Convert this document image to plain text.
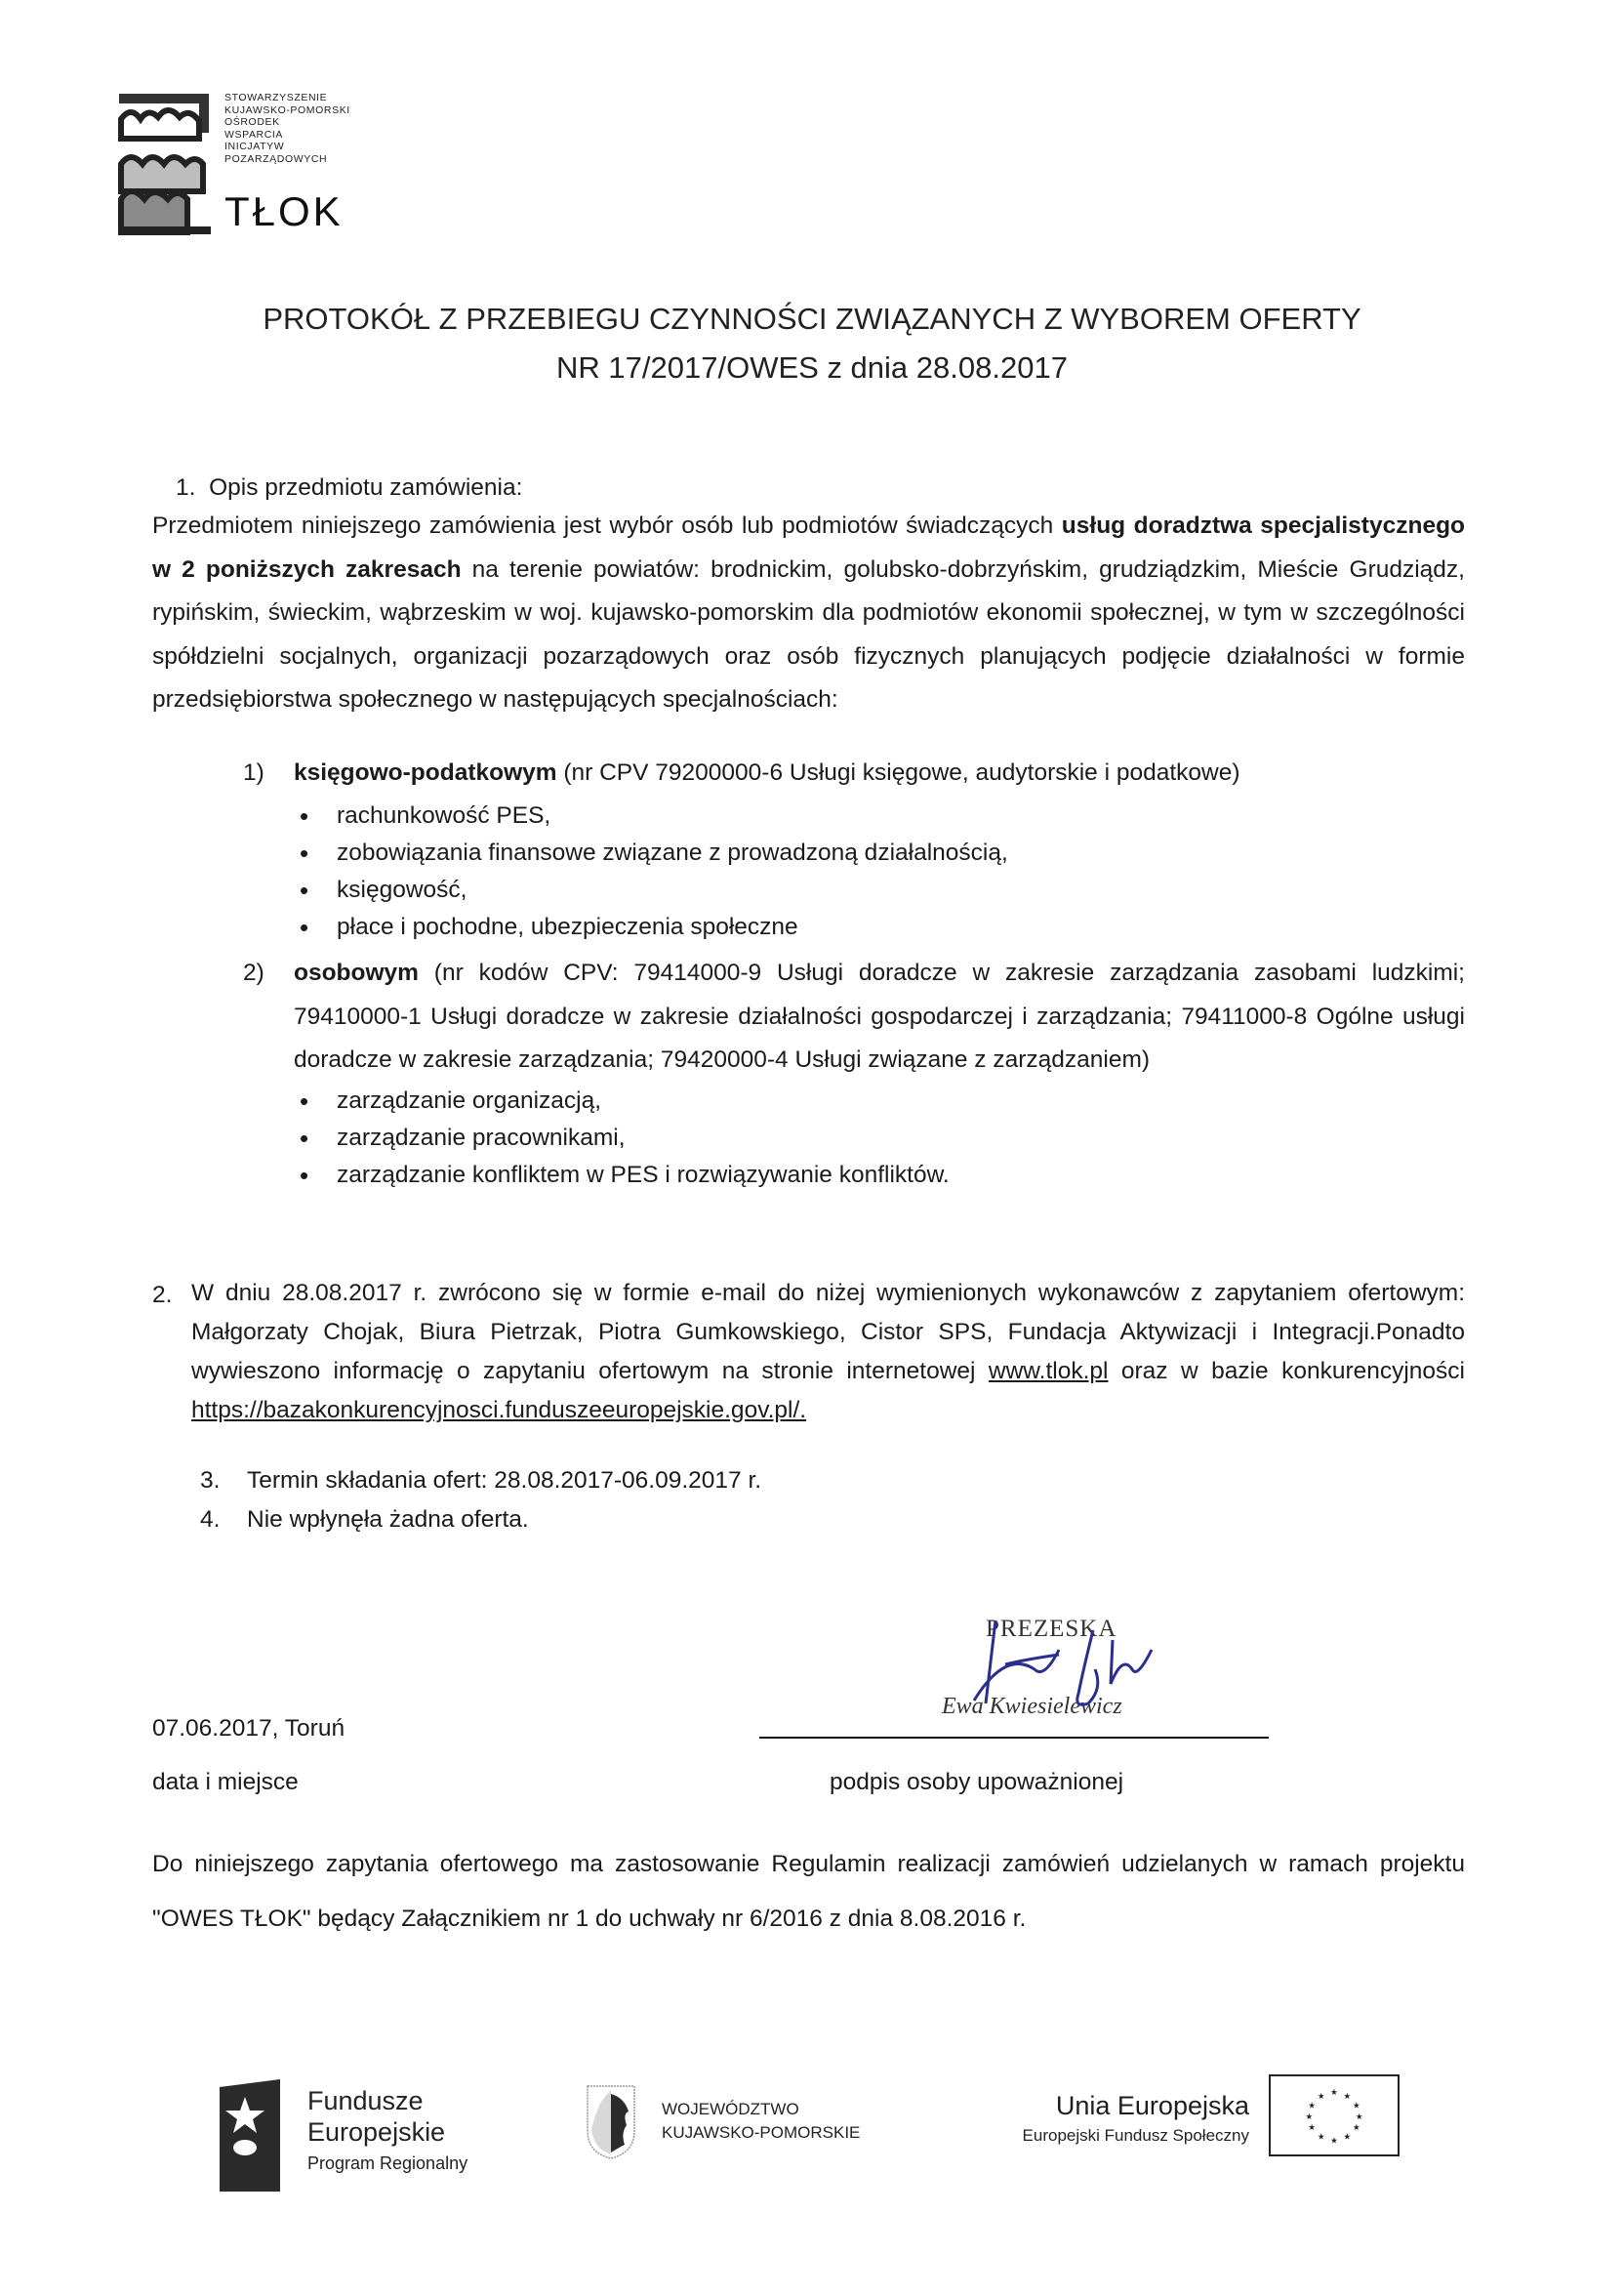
STOWARZYSZENIE
KUJAWSKO-POMORSKI
OŚRODEK
WSPARCIA
INICJATYW
POZARZĄDOWYCH
TŁOK
PROTOKÓŁ Z PRZEBIEGU CZYNNOŚCI ZWIĄZANYCH Z WYBOREM OFERTY
NR 17/2017/OWES z dnia 28.08.2017
1. Opis przedmiotu zamówienia:
Przedmiotem niniejszego zamówienia jest wybór osób lub podmiotów świadczących usług doradztwa specjalistycznego w 2 poniższych zakresach na terenie powiatów: brodnickim, golubsko-dobrzyńskim, grudziądzkim, Mieście Grudziądz, rypińskim, świeckim, wąbrzeskim w woj. kujawsko-pomorskim dla podmiotów ekonomii społecznej, w tym w szczególności spółdzielni socjalnych, organizacji pozarządowych oraz osób fizycznych planujących podjęcie działalności w formie przedsiębiorstwa społecznego w następujących specjalnościach:
1) księgowo-podatkowym (nr CPV 79200000-6 Usługi księgowe, audytorskie i podatkowe)
• rachunkowość PES,
• zobowiązania finansowe związane z prowadzoną działalnością,
• księgowość,
• płace i pochodne, ubezpieczenia społeczne
2) osobowym (nr kodów CPV: 79414000-9 Usługi doradcze w zakresie zarządzania zasobami ludzkimi; 79410000-1 Usługi doradcze w zakresie działalności gospodarczej i zarządzania; 79411000-8 Ogólne usługi doradcze w zakresie zarządzania; 79420000-4 Usługi związane z zarządzaniem)
• zarządzanie organizacją,
• zarządzanie pracownikami,
• zarządzanie konfliktem w PES i rozwiązywanie konfliktów.
2. W dniu 28.08.2017 r. zwrócono się w formie e-mail do niżej wymienionych wykonawców z zapytaniem ofertowym: Małgorzaty Chojak, Biura Pietrzak, Piotra Gumkowskiego, Cistor SPS, Fundacja Aktywizacji i Integracji.Ponadto wywieszono informację o zapytaniu ofertowym na stronie internetowej www.tlok.pl oraz w bazie konkurencyjności https://bazakonkurencyjnosci.funduszeeuropejskie.gov.pl/.
3. Termin składania ofert: 28.08.2017-06.09.2017 r.
4. Nie wpłynęła żadna oferta.
PREZESKA
Ewa Kwiesielewicz
07.06.2017, Toruń
data i miejsce	podpis osoby upoważnionej
Do niniejszego zapytania ofertowego ma zastosowanie Regulamin realizacji zamówień udzielanych w ramach projektu "OWES TŁOK" będący Załącznikiem nr 1 do uchwały nr 6/2016 z dnia 8.08.2016 r.
Fundusze
Europejskie
Program Regionalny
WOJEWÓDZTWO
KUJAWSKO-POMORSKIE
Unia Europejska
Europejski Fundusz Społeczny
★ ★
★
★
★
★
★
★
★
★
★
★
